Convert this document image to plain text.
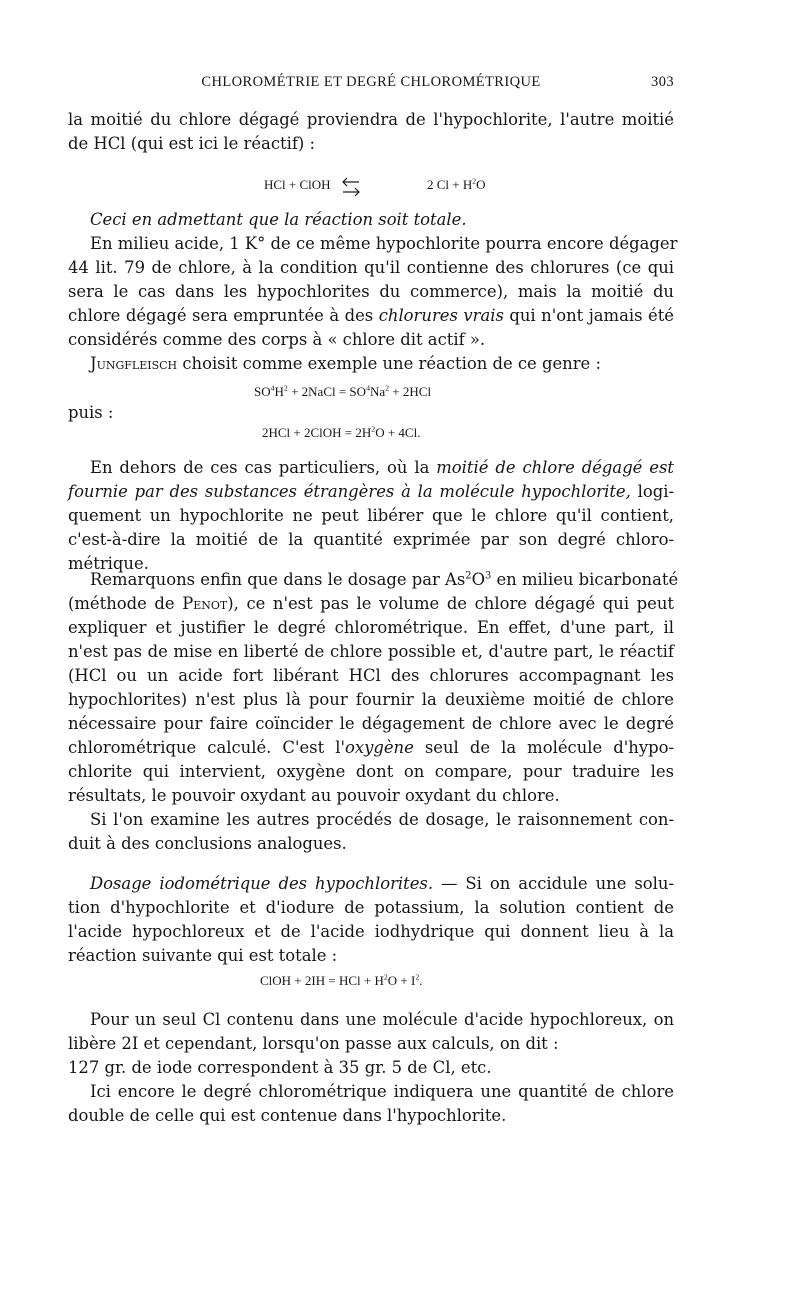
CHLOROMÉTRIE ET DEGRÉ CHLOROMÉTRIQUE	303
la moitié du chlore dégagé proviendra de l'hypochlorite, l'autre moitié
de HCl (qui est ici le réactif) :
HCl + ClOH ⇌	2 $Cl + H^2O$
Ceci en admettant que la réaction soit totale.
En milieu acide, 1 K° de ce même hypochlorite pourra encore dégager
44 lit. 79 de chlore, à la condition qu'il contienne des chlorures (ce qui
sera le cas dans les hypochlorites du commerce), mais la moitié du
chlore dégagé sera empruntée à des chlorures vrais qui n'ont jamais été
considérés comme des corps à « chlore dit actif ».
Jungfleisch choisit comme exemple une réaction de ce genre :
$SO^4H^2$ + 2NaCl = $SO^4Na^2 + 2HCl$
puis :
2HCl + 2ClOH = $2H^2O + 4Cl$.
En dehors de ces cas particuliers, où la moitié de chlore dégagé est
fournie par des substances étrangères à la molécule hypochlorite, logi-
quement un hypochlorite ne peut libérer que le chlore qu'il contient,
c'est-à-dire la moitié de la quantité exprimée par son degré chloro-
métrique.
Remarquons enfin que dans le dosage par $As^2O^3$ en milieu bicarbonaté
(méthode de Penot), ce n'est pas le volume de chlore dégagé qui peut
expliquer et justifier le degré chlorométrique. En effet, d'une part, il
n'est pas de mise en liberté de chlore possible et, d'autre part, le réactif
(HCl ou un acide fort libérant HCl des chlorures accompagnant les
hypochlorites) n'est plus là pour fournir la deuxième moitié de chlore
nécessaire pour faire coïncider le dégagement de chlore avec le degré
chlorométrique calculé. C'est l'oxygène seul de la molécule d'hypo-
chlorite qui intervient, oxygène dont on compare, pour traduire les
résultats, le pouvoir oxydant au pouvoir oxydant du chlore.
Si l'on examine les autres procédés de dosage, le raisonnement con-
duit à des conclusions analogues.
Dosage iodométrique des hypochlorites. — Si on accidule une solu-
tion d'hypochlorite et d'iodure de potassium, la solution contient de
l'acide hypochloreux et de l'acide iodhydrique qui donnent lieu à la
réaction suivante qui est totale :
ClOH + 2IH = HCl + $H^2O + I^2$.
Pour un seul Cl contenu dans une molécule d'acide hypochloreux, on
libère 2I et cependant, lorsqu'on passe aux calculs, on dit :
127 gr. de iode correspondent à 35 gr. 5 de Cl, etc.
Ici encore le degré chlorométrique indiquera une quantité de chlore
double de celle qui est contenue dans l'hypochlorite.
